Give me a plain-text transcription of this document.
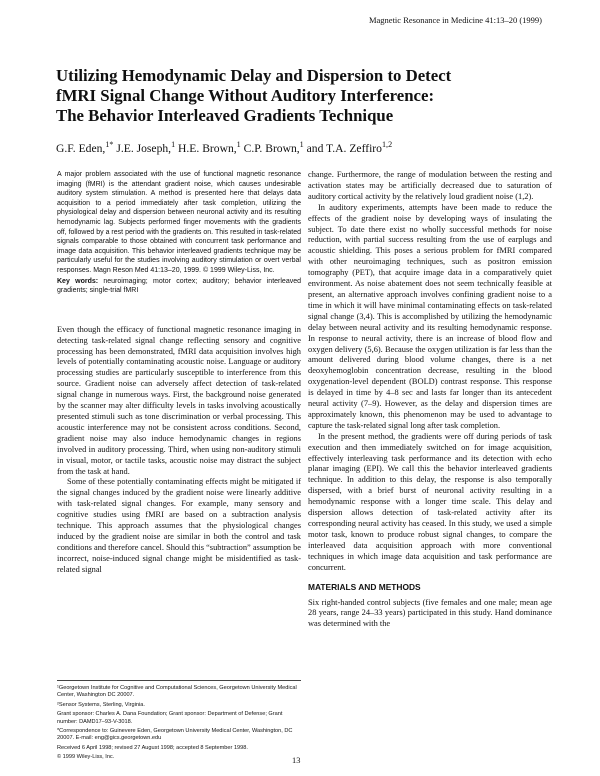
Magnetic Resonance in Medicine 41:13–20 (1999)
Utilizing Hemodynamic Delay and Dispersion to Detect
fMRI Signal Change Without Auditory Interference:
The Behavior Interleaved Gradients Technique
G.F. Eden,$^{1*}$ J.E. Joseph,$^1$ H.E. Brown,$^1$ C.P. Brown,$^1$ and T.A. Zeffiro$^{1,2}$
A major problem associated with the use of functional magnetic resonance imaging (fMRI) is the attendant gradient noise, which causes undesirable auditory system stimulation. A method is presented here that delays data acquisition to a period immediately after task completion, utilizing the physiological delay and dispersion between neuronal activity and its resulting hemodynamic lag. Subjects performed finger movements with the gradients off, followed by a rest period with the gradients on. This resulted in task-related signals comparable to those obtained with concurrent task performance and image data acquisition. This behavior interleaved gradients technique may be particularly useful for the studies involving auditory stimulation or overt verbal responses. Magn Reson Med 41:13–20, 1999. © 1999 Wiley-Liss, Inc.
Key words: neuroimaging; motor cortex; auditory; behavior interleaved gradients; single-trial fMRI

Even though the efficacy of functional magnetic resonance imaging in detecting task-related signal change reflecting sensory and cognitive processing has been demonstrated, fMRI data acquisition involves high levels of potentially contaminating acoustic noise. Language or auditory processing studies are particularly susceptible to interference from this source. Gradient noise can adversely affect detection of task-related signal change in numerous ways. First, the background noise generated by the scanner may alter difficulty levels in tasks involving acoustically presented stimuli such as tone discrimination or verbal processing. This acoustic interference may not be consistent across conditions. Second, gradient noise may also induce hemodynamic changes in regions involved in auditory processing. Third, when using non-auditory stimuli in visual, motor, or tactile tasks, acoustic noise may distract the subject from the task at hand.

Some of these potentially contaminating effects might be mitigated if the signal changes induced by the gradient noise were linearly additive with task-related signal changes. For example, many sensory and cognitive studies using fMRI are based on a subtraction analysis technique. This approach assumes that the physiological changes induced by the gradient noise are similar in both the control and task conditions and therefore cancel. Should this “subtraction” assumption be incorrect, noise-induced signal change might be misidentified as task-related signal

¹Georgetown Institute for Cognitive and Computational Sciences, Georgetown University Medical Center, Washington DC 20007.
²Sensor Systems, Sterling, Virginia.
Grant sponsor: Charles A. Dana Foundation; Grant sponsor: Department of Defense; Grant number: DAMD17–93-V-3018.
*Correspondence to: Guinevere Eden, Georgetown University Medical Center, Washington, DC 20007. E-mail: eng@gics.georgetown.edu
Received 6 April 1998; revised 27 August 1998; accepted 8 September 1998.
© 1999 Wiley-Liss, Inc.

change. Furthermore, the range of modulation between the resting and activation states may be artificially decreased due to saturation of auditory cortical activity by the relatively loud gradient noise (1,2).

In auditory experiments, attempts have been made to reduce the effects of the gradient noise by developing ways of insulating the subject. To date there exist no wholly successful methods for noise reduction, with partial success resulting from the use of earplugs and acoustic shielding. This poses a serious problem for fMRI compared with other neuroimaging techniques, such as positron emission tomography (PET), that acquire image data in a comparatively quiet environment. As noise abatement does not seem technically feasible at present, an alternative approach involves confining gradient noise to a time in which it will have minimal contaminating effects on task-related signal change (3,4). This is accomplished by utilizing the hemodynamic delay between neural activity and its resulting hemodynamic response. In response to neural activity, there is an increase of blood flow and oxygen delivery (5,6). Because the oxygen utilization is far less than the amount delivered during blood volume changes, there is a net deoxyhemoglobin concentration decrease, resulting in the blood oxygenation-level dependent (BOLD) contrast response. This response is delayed in time by 4–8 sec and lasts far longer than its antecedent neural activity (7–9). However, as the delay and dispersion times are approximately known, this phenomenon may be used to advantage to capture the task-related signal long after task completion.

In the present method, the gradients were off during periods of task execution and then immediately switched on for image acquisition, effectively interleaving task performance and its detection with echo planar imaging (EPI). We call this the behavior interleaved gradients technique. In addition to this delay, the response is also temporally dispersed, with a brief burst of neuronal activity resulting in a hemodynamic response with a longer time scale. This delay and dispersion allows detection of task-related activity after its corresponding neural activity has ceased. In this study, we used a simple motor task, known to produce robust signal changes, to compare the interleaved data acquisition approach with more conventional techniques in which image data acquisition and task performance are concurrent.

MATERIALS AND METHODS

Six right-handed control subjects (five females and one male; mean age 28 years, range 24–33 years) participated in this study. Hand dominance was determined with the

13
